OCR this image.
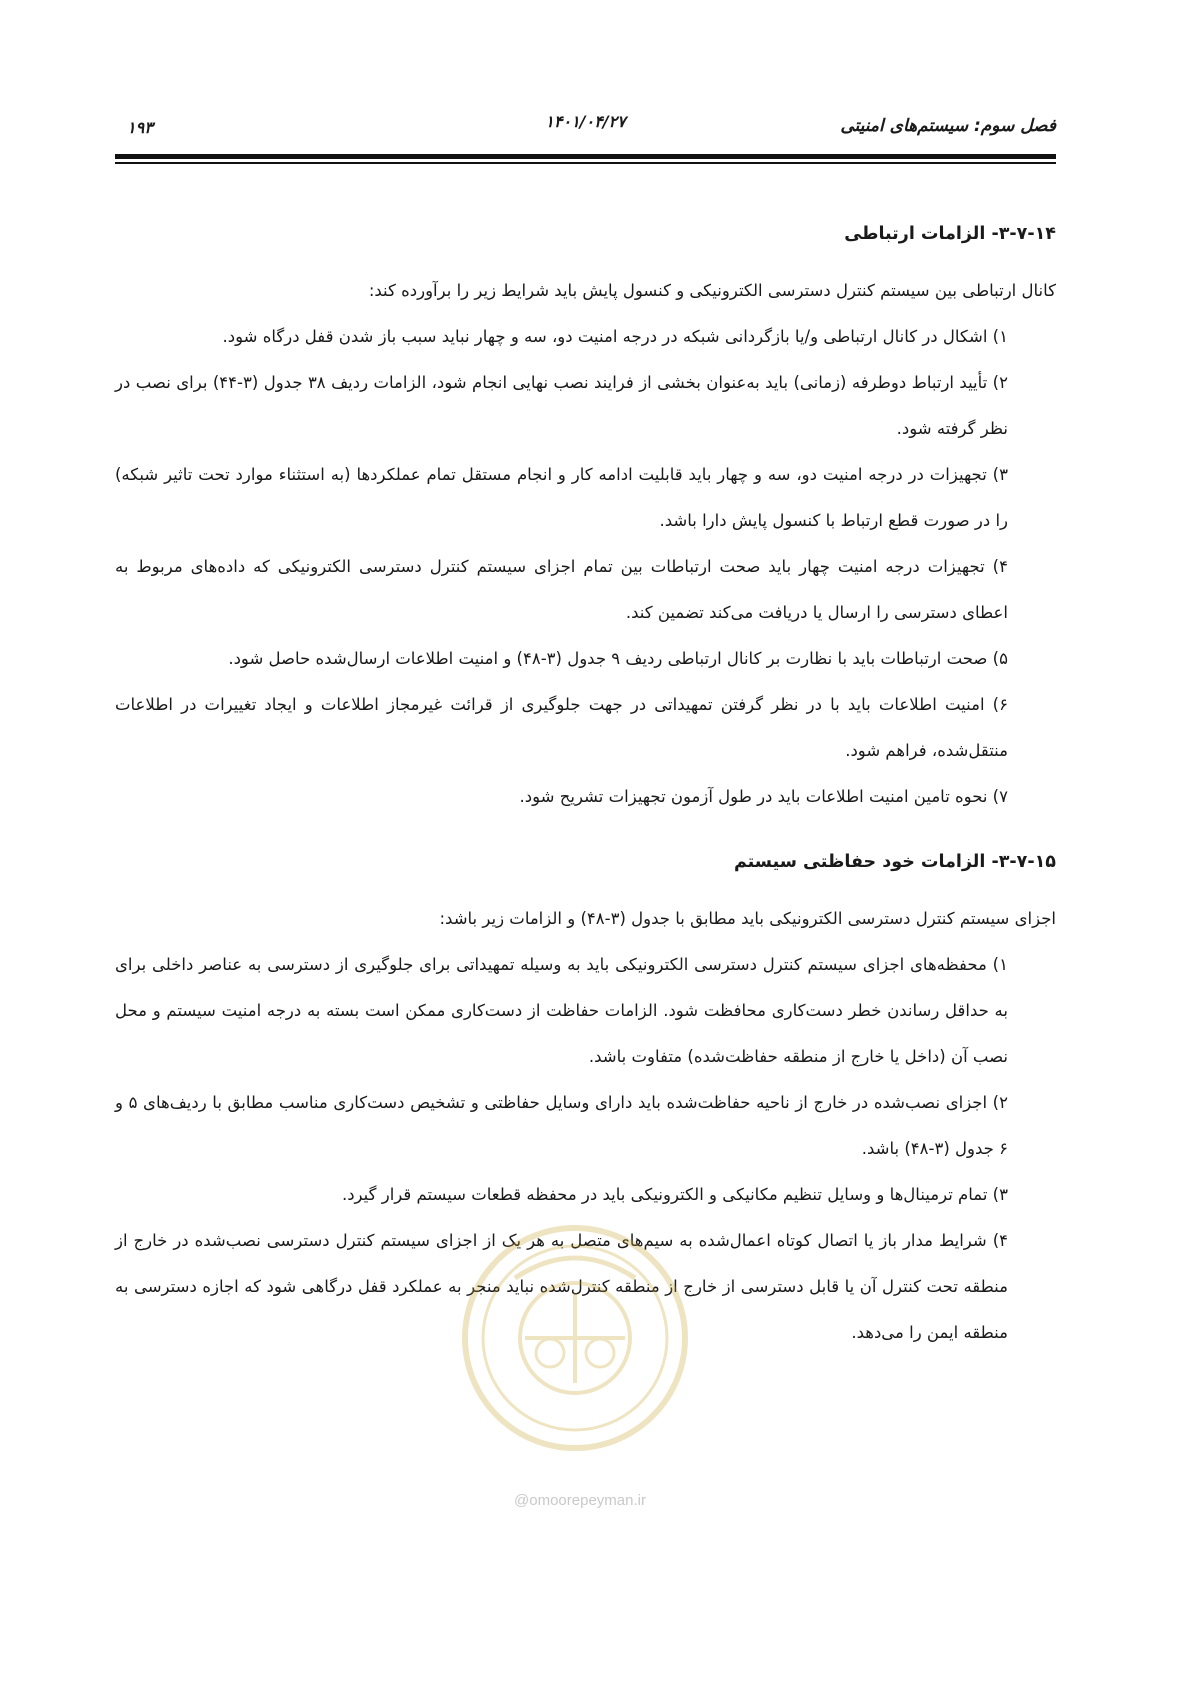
فصل سوم: سیستم‌های امنیتی
۱۴۰۱/۰۴/۲۷
۱۹۳

۳-۷-۱۴- الزامات ارتباطی

کانال ارتباطی بین سیستم کنترل دسترسی الکترونیکی و کنسول پایش باید شرایط زیر را برآورده کند:

۱) اشکال در کانال ارتباطی و/یا بازگردانی شبکه در درجه امنیت دو، سه و چهار نباید سبب باز شدن قفل درگاه شود.

۲) تأیید ارتباط دوطرفه (زمانی) باید به‌عنوان بخشی از فرایند نصب نهایی انجام شود، الزامات ردیف ۳۸ جدول (۳-۴۴) برای نصب در نظر گرفته شود.

۳) تجهیزات در درجه امنیت دو، سه و چهار باید قابلیت ادامه کار و انجام مستقل تمام عملکردها (به استثناء موارد تحت تاثیر شبکه) را در صورت قطع ارتباط با کنسول پایش دارا باشد.

۴) تجهیزات درجه امنیت چهار باید صحت ارتباطات بین تمام اجزای سیستم کنترل دسترسی الکترونیکی که داده‌های مربوط به اعطای دسترسی را ارسال یا دریافت می‌کند تضمین کند.

۵) صحت ارتباطات باید با نظارت بر کانال ارتباطی ردیف ۹ جدول (۳-۴۸) و امنیت اطلاعات ارسال‌شده حاصل شود.

۶) امنیت اطلاعات باید با در نظر گرفتن تمهیداتی در جهت جلوگیری از قرائت غیرمجاز اطلاعات و ایجاد تغییرات در اطلاعات منتقل‌شده، فراهم شود.

۷) نحوه تامین امنیت اطلاعات باید در طول آزمون تجهیزات تشریح شود.

۳-۷-۱۵- الزامات خود حفاظتی سیستم

اجزای سیستم کنترل دسترسی الکترونیکی باید مطابق با جدول (۳-۴۸) و الزامات زیر باشد:

۱) محفظه‌های اجزای سیستم کنترل دسترسی الکترونیکی باید به وسیله تمهیداتی برای جلوگیری از دسترسی به عناصر داخلی برای به حداقل رساندن خطر دست‌کاری محافظت شود. الزامات حفاظت از دست‌کاری ممکن است بسته به درجه امنیت سیستم و محل نصب آن (داخل یا خارج از منطقه حفاظت‌شده) متفاوت باشد.

۲) اجزای نصب‌شده در خارج از ناحیه حفاظت‌شده باید دارای وسایل حفاظتی و تشخیص دست‌کاری مناسب مطابق با ردیف‌های ۵ و ۶ جدول (۳-۴۸) باشد.

۳) تمام ترمینال‌ها و وسایل تنظیم مکانیکی و الکترونیکی باید در محفظه قطعات سیستم قرار گیرد.

۴) شرایط مدار باز یا اتصال کوتاه اعمال‌شده به سیم‌های متصل به هر یک از اجزای سیستم کنترل دسترسی نصب‌شده در خارج از منطقه تحت کنترل آن یا قابل دسترسی از خارج از منطقه کنترل‌شده نباید منجر به عملکرد قفل درگاهی شود که اجازه دسترسی به منطقه ایمن را می‌دهد.

@omoorepeyman.ir
